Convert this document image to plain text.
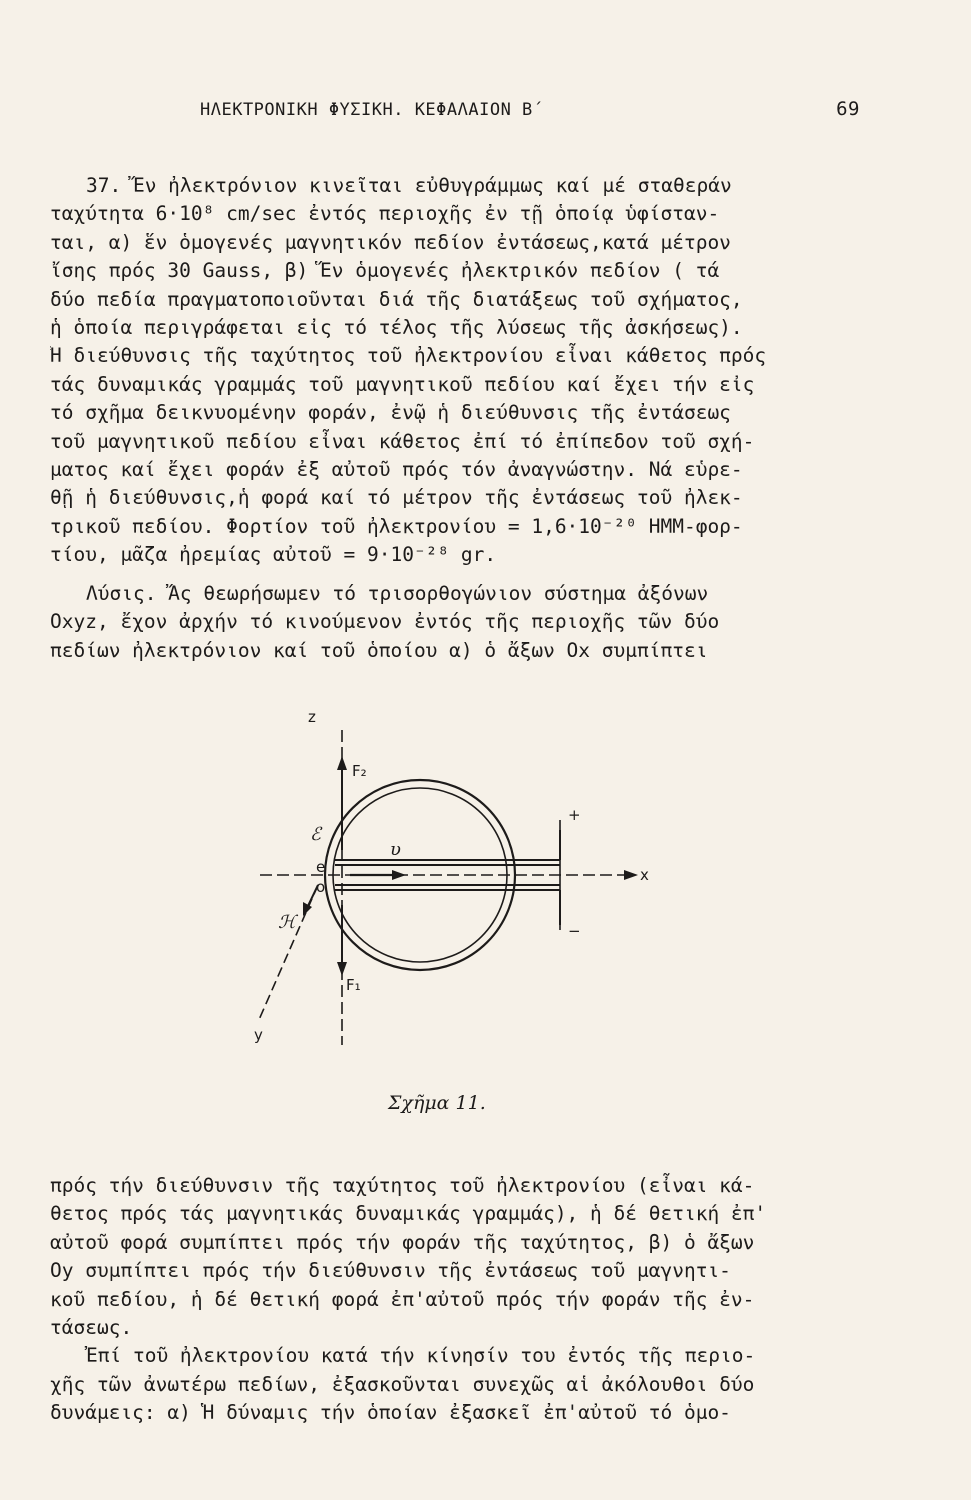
ΗΛΕΚΤΡΟΝΙΚΗ ΦΥΣΙΚΗ. ΚΕΦΑΛΑΙΟΝ Β΄	69
37. Ἔν ἠλεκτρόνιον κινεῖται εὐθυγράμμως καί μέ σταθεράν
ταχύτητα 6·10⁸ cm/sec ἐντός περιοχῆς ἐν τῇ ὁποίᾳ ὑφίσταν-
ται, α) ἕν ὁμογενές μαγνητικόν πεδίον ἐντάσεως,κατά μέτρον
ἴσης πρός 30 Gauss, β) Ἕν ὁμογενές ἠλεκτρικόν πεδίον ( τά
δύο πεδία πραγματοποιοῦνται διά τῆς διατάξεως τοῦ σχήματος,
ἡ ὁποία περιγράφεται εἰς τό τέλος τῆς λύσεως τῆς ἀσκήσεως).
Ἡ διεύθυνσις τῆς ταχύτητος τοῦ ἠλεκτρονίου εἶναι κάθετος πρός
τάς δυναμικάς γραμμάς τοῦ μαγνητικοῦ πεδίου καί ἔχει τήν εἰς
τό σχῆμα δεικνυομένην φοράν, ἐνῷ ἡ διεύθυνσις τῆς ἐντάσεως
τοῦ μαγνητικοῦ πεδίου εἶναι κάθετος ἐπί τό ἐπίπεδον τοῦ σχή-
ματος καί ἔχει φοράν ἐξ αὐτοῦ πρός τόν ἀναγνώστην. Νά εὑρε-
θῇ ἡ διεύθυνσις,ἡ φορά καί τό μέτρον τῆς ἐντάσεως τοῦ ἠλεκ-
τρικοῦ πεδίου. Φορτίον τοῦ ἠλεκτρονίου = 1,6·10⁻²⁰ ΗΜΜ-φορ-
τίου, μᾶζα ἠρεμίας αὐτοῦ = 9·10⁻²⁸ gr.
Λύσις. Ἄς θεωρήσωμεν τό τρισορθογώνιον σύστημα ἀξόνων
Οxyz, ἔχον ἀρχήν τό κινούμενον ἐντός τῆς περιοχῆς τῶν δύο
πεδίων ἠλεκτρόνιον καί τοῦ ὁποίου α) ὁ ἄξων Οx συμπίπτει
z
F₂
F₁
x
y
ℰ
ℋ
e
o
υ
+
−
Σχῆμα 11.
πρός τήν διεύθυνσιν τῆς ταχύτητος τοῦ ἠλεκτρονίου (εἶναι κά-
θετος πρός τάς μαγνητικάς δυναμικάς γραμμάς), ἡ δέ θετική ἐπ'
αὐτοῦ φορά συμπίπτει πρός τήν φοράν τῆς ταχύτητος, β) ὁ ἄξων
Οy συμπίπτει πρός τήν διεύθυνσιν τῆς ἐντάσεως τοῦ μαγνητι-
κοῦ πεδίου, ἡ δέ θετική φορά ἐπ'αὐτοῦ πρός τήν φοράν τῆς ἐν-
τάσεως.
Ἐπί τοῦ ἠλεκτρονίου κατά τήν κίνησίν του ἐντός τῆς περιο-
χῆς τῶν ἀνωτέρω πεδίων, ἐξασκοῦνται συνεχῶς αἱ ἀκόλουθοι δύο
δυνάμεις: α) Ἡ δύναμις τήν ὁποίαν ἐξασκεῖ ἐπ'αὐτοῦ τό ὁμο-
